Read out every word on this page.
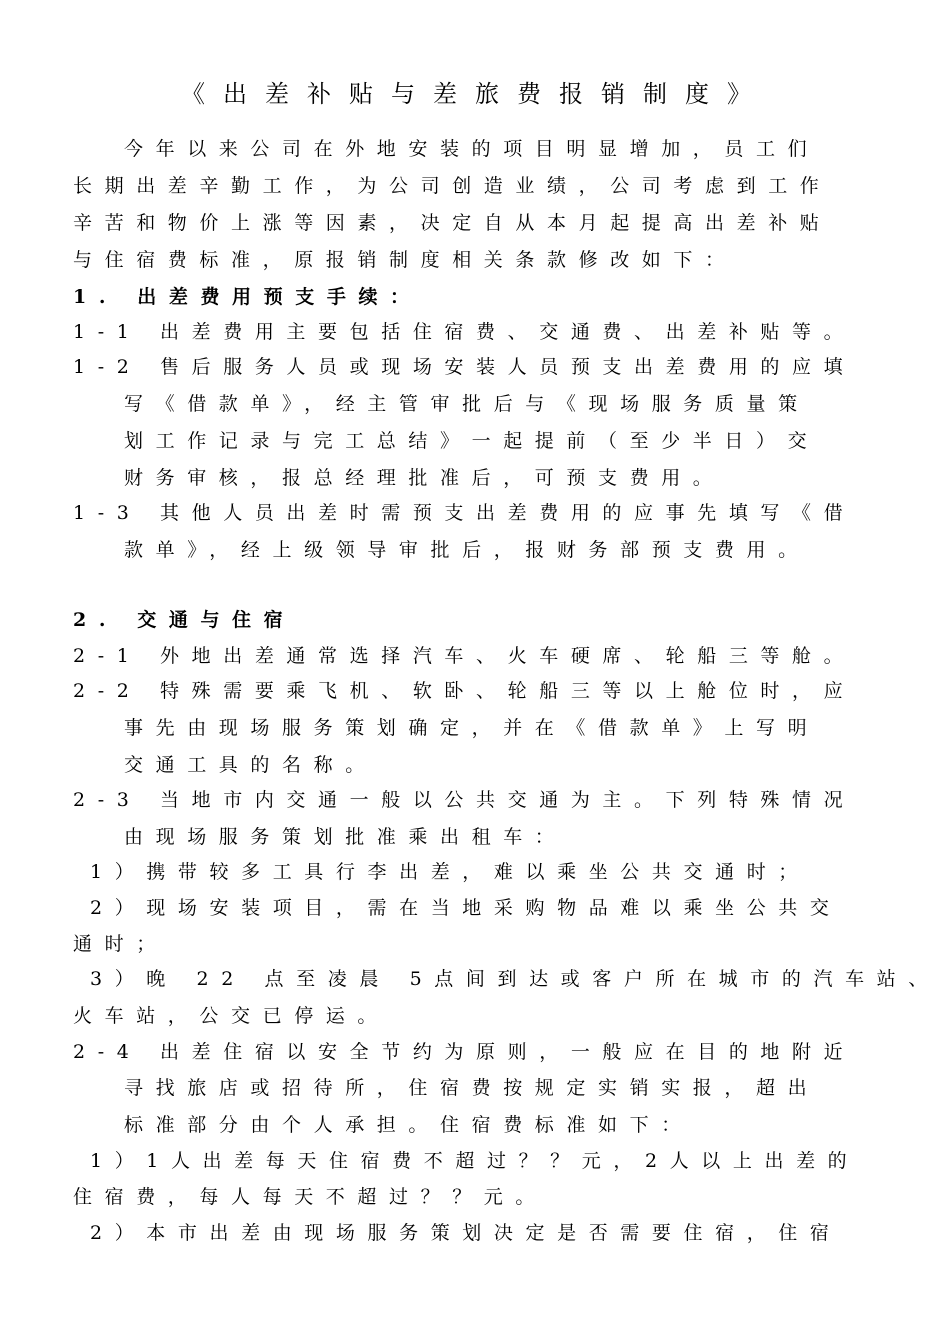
《出差补贴与差旅费报销制度》
今年以来公司在外地安装的项目明显增加，员工们
长期出差辛勤工作，为公司创造业绩，公司考虑到工作
辛苦和物价上涨等因素，决定自从本月起提高出差补贴
与住宿费标准，原报销制度相关条款修改如下：
1. 出差费用预支手续：
1-1 出差费用主要包括住宿费、交通费、出差补贴等。
1-2 售后服务人员或现场安装人员预支出差费用的应填
写《借款单》，经主管审批后与《现场服务质量策
划工作记录与完工总结》一起提前（至少半日）交
财务审核，报总经理批准后，可预支费用。
1-3 其他人员出差时需预支出差费用的应事先填写《借
款单》，经上级领导审批后，报财务部预支费用。
2. 交通与住宿
2-1 外地出差通常选择汽车、火车硬席、轮船三等舱。
2-2 特殊需要乘飞机、软卧、轮船三等以上舱位时，应
事先由现场服务策划确定，并在《借款单》上写明
交通工具的名称。
2-3 当地市内交通一般以公共交通为主。下列特殊情况
由现场服务策划批准乘出租车：
1）携带较多工具行李出差，难以乘坐公共交通时；
2）现场安装项目，需在当地采购物品难以乘坐公共交
通时；
3）晚 22 点至凌晨 5点间到达或客户所在城市的汽车站、
火车站，公交已停运。
2-4 出差住宿以安全节约为原则，一般应在目的地附近
寻找旅店或招待所，住宿费按规定实销实报，超出
标准部分由个人承担。住宿费标准如下：
1）1人出差每天住宿费不超过？？元，2人以上出差的
住宿费，每人每天不超过？？元。
2）本市出差由现场服务策划决定是否需要住宿，住宿
